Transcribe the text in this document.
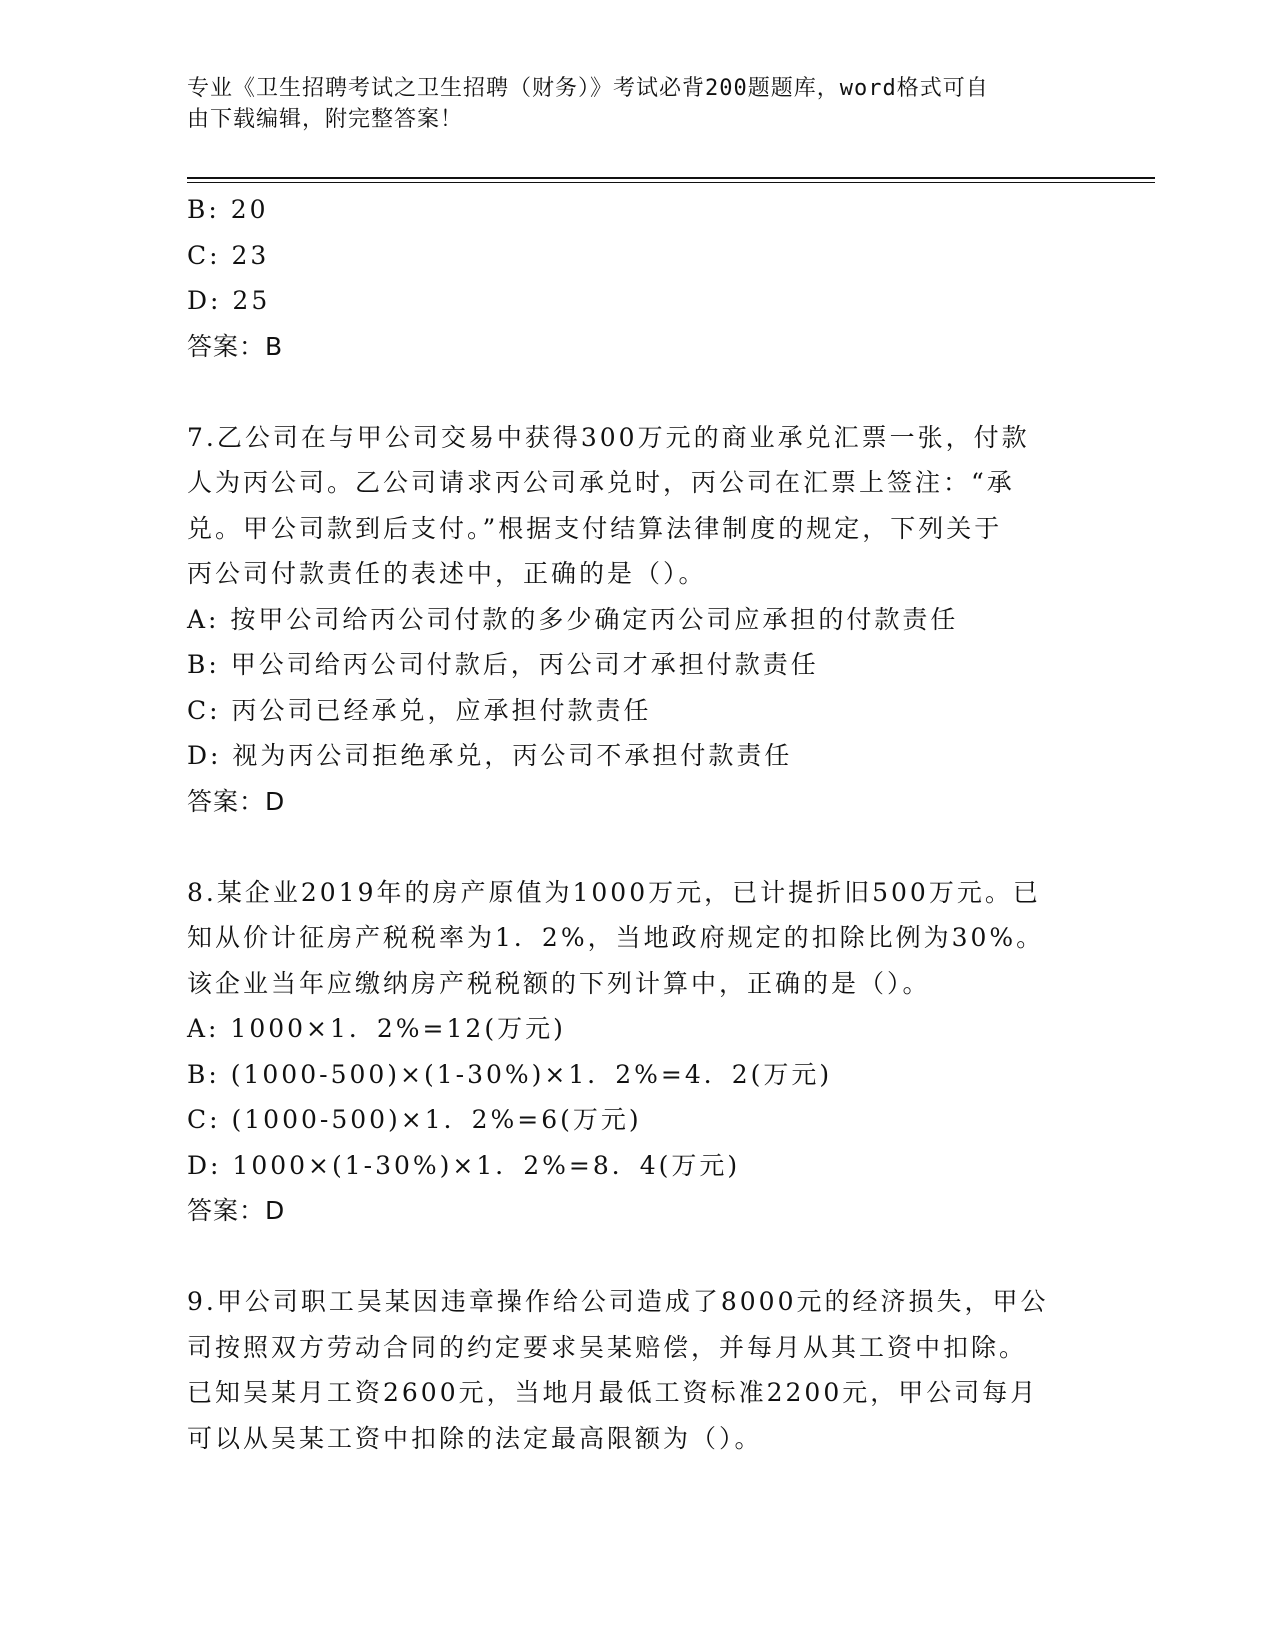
专业《卫生招聘考试之卫生招聘（财务）》考试必背200题题库，word格式可自
由下载编辑，附完整答案！
B: 20
C: 23
D: 25
答案：B
7.乙公司在与甲公司交易中获得300万元的商业承兑汇票一张，付款
人为丙公司。乙公司请求丙公司承兑时，丙公司在汇票上签注：“承
兑。甲公司款到后支付。”根据支付结算法律制度的规定，下列关于
丙公司付款责任的表述中，正确的是（）。
A: 按甲公司给丙公司付款的多少确定丙公司应承担的付款责任
B: 甲公司给丙公司付款后，丙公司才承担付款责任
C: 丙公司已经承兑，应承担付款责任
D: 视为丙公司拒绝承兑，丙公司不承担付款责任
答案：D
8.某企业2019年的房产原值为1000万元，已计提折旧500万元。已
知从价计征房产税税率为1．2%，当地政府规定的扣除比例为30%。
该企业当年应缴纳房产税税额的下列计算中，正确的是（）。
A: 1000×1．2%=12(万元)
B: (1000-500)×(1-30%)×1．2%=4．2(万元)
C: (1000-500)×1．2%=6(万元)
D: 1000×(1-30%)×1．2%=8．4(万元)
答案：D
9.甲公司职工吴某因违章操作给公司造成了8000元的经济损失，甲公
司按照双方劳动合同的约定要求吴某赔偿，并每月从其工资中扣除。
已知吴某月工资2600元，当地月最低工资标准2200元，甲公司每月
可以从吴某工资中扣除的法定最高限额为（）。
